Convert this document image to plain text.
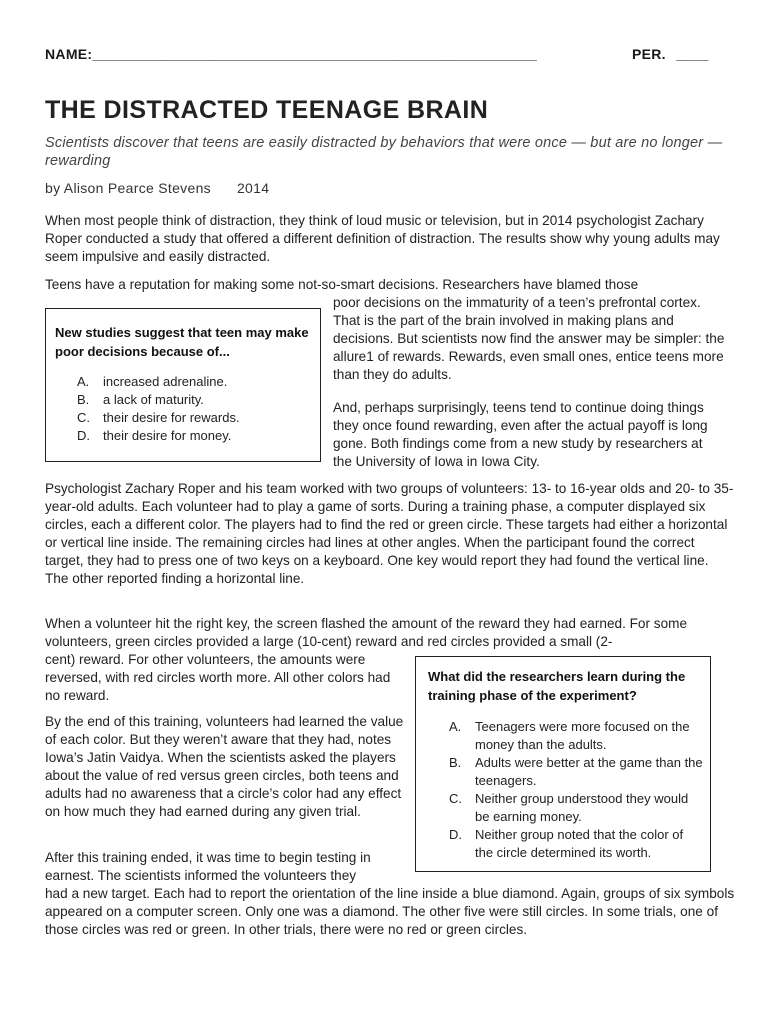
NAME:_______________________________________________________	PER. ____
THE DISTRACTED TEENAGE BRAIN
Scientists discover that teens are easily distracted by behaviors that were once — but are no longer — rewarding
by Alison Pearce Stevens 2014

When most people think of distraction, they think of loud music or television, but in 2014 psychologist Zachary Roper conducted a study that offered a different definition of distraction. The results show why young adults may seem impulsive and easily distracted.

Teens have a reputation for making some not-so-smart decisions. Researchers have blamed those

New studies suggest that teen may make poor decisions because of...
A.	increased adrenaline.
B.	a lack of maturity.
C.	their desire for rewards.
D.	their desire for money.

poor decisions on the immaturity of a teen’s prefrontal cortex. That is the part of the brain involved in making plans and decisions. But scientists now find the answer may be simpler: the allure1 of rewards. Rewards, even small ones, entice teens more than they do adults.

And, perhaps surprisingly, teens tend to continue doing things they once found rewarding, even after the actual payoff is long gone. Both findings come from a new study by researchers at the University of Iowa in Iowa City.

Psychologist Zachary Roper and his team worked with two groups of volunteers: 13- to 16-year olds and 20- to 35-year-old adults. Each volunteer had to play a game of sorts. During a training phase, a computer displayed six circles, each a different color. The players had to find the red or green circle. These targets had either a horizontal or vertical line inside. The remaining circles had lines at other angles. When the participant found the correct target, they had to press one of two keys on a keyboard. One key would report they had found the vertical line. The other reported finding a horizontal line.

When a volunteer hit the right key, the screen flashed the amount of the reward they had earned. For some volunteers, green circles provided a large (10-cent) reward and red circles provided a small (2-

cent) reward. For other volunteers, the amounts were reversed, with red circles worth more. All other colors had no reward.

What did the researchers learn during the training phase of the experiment?
A.	Teenagers were more focused on the money than the adults.
B.	Adults were better at the game than the teenagers.
C.	Neither group understood they would be earning money.
D.	Neither group noted that the color of the circle determined its worth.

By the end of this training, volunteers had learned the value of each color. But they weren’t aware that they had, notes Iowa’s Jatin Vaidya. When the scientists asked the players about the value of red versus green circles, both teens and adults had no awareness that a circle’s color had any effect on how much they had earned during any given trial.

After this training ended, it was time to begin testing in earnest. The scientists informed the volunteers they

had a new target. Each had to report the orientation of the line inside a blue diamond. Again, groups of six symbols appeared on a computer screen. Only one was a diamond. The other five were still circles. In some trials, one of those circles was red or green. In other trials, there were no red or green circles.
